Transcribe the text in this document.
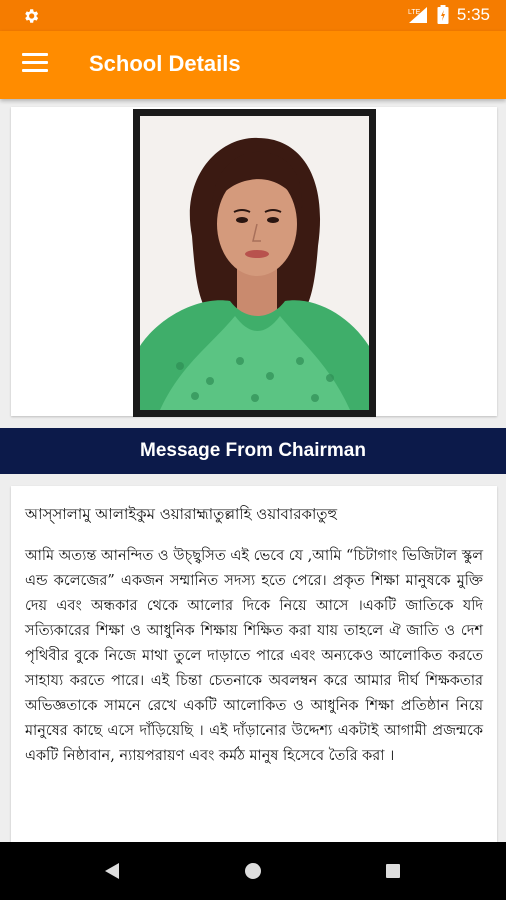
LTE 5:35
School Details
Message From Chairman

আস্সালামু আলাইকুম ওয়ারাহ্মাতুল্লাহি ওয়াবারকাতুহু

আমি অত্যন্ত আনন্দিত ও উচ্ছ্বসিত এই ভেবে যে ,আমি “চিটাগাং ভিজিটাল স্কুল এন্ড কলেজের” একজন সম্মানিত সদস্য হতে পেরে। প্রকৃত শিক্ষা মানুষকে মুক্তি দেয় এবং অন্ধকার থেকে আলোর দিকে নিয়ে আসে ।একটি জাতিকে যদি সত্যিকারের শিক্ষা ও আধুনিক শিক্ষায় শিক্ষিত করা যায় তাহলে ঐ জাতি ও দেশ পৃথিবীর বুকে নিজে মাথা তুলে দাড়াতে পারে এবং অন্যকেও আলোকিত করতে সাহায্য করতে পারে। এই চিন্তা চেতনাকে অবলম্বন করে আমার দীর্ঘ শিক্ষকতার অভিজ্ঞতাকে সামনে রেখে একটি আলোকিত ও আধুনিক শিক্ষা প্রতিষ্ঠান নিয়ে মানুষের কাছে এসে দাঁড়িয়েছি । এই দাঁড়ানোর উদ্দেশ্য একটাই আগামী প্রজন্মকে একটি নিষ্ঠাবান, ন্যায়পরায়ণ এবং কর্মঠ মানুষ হিসেবে তৈরি করা ।
